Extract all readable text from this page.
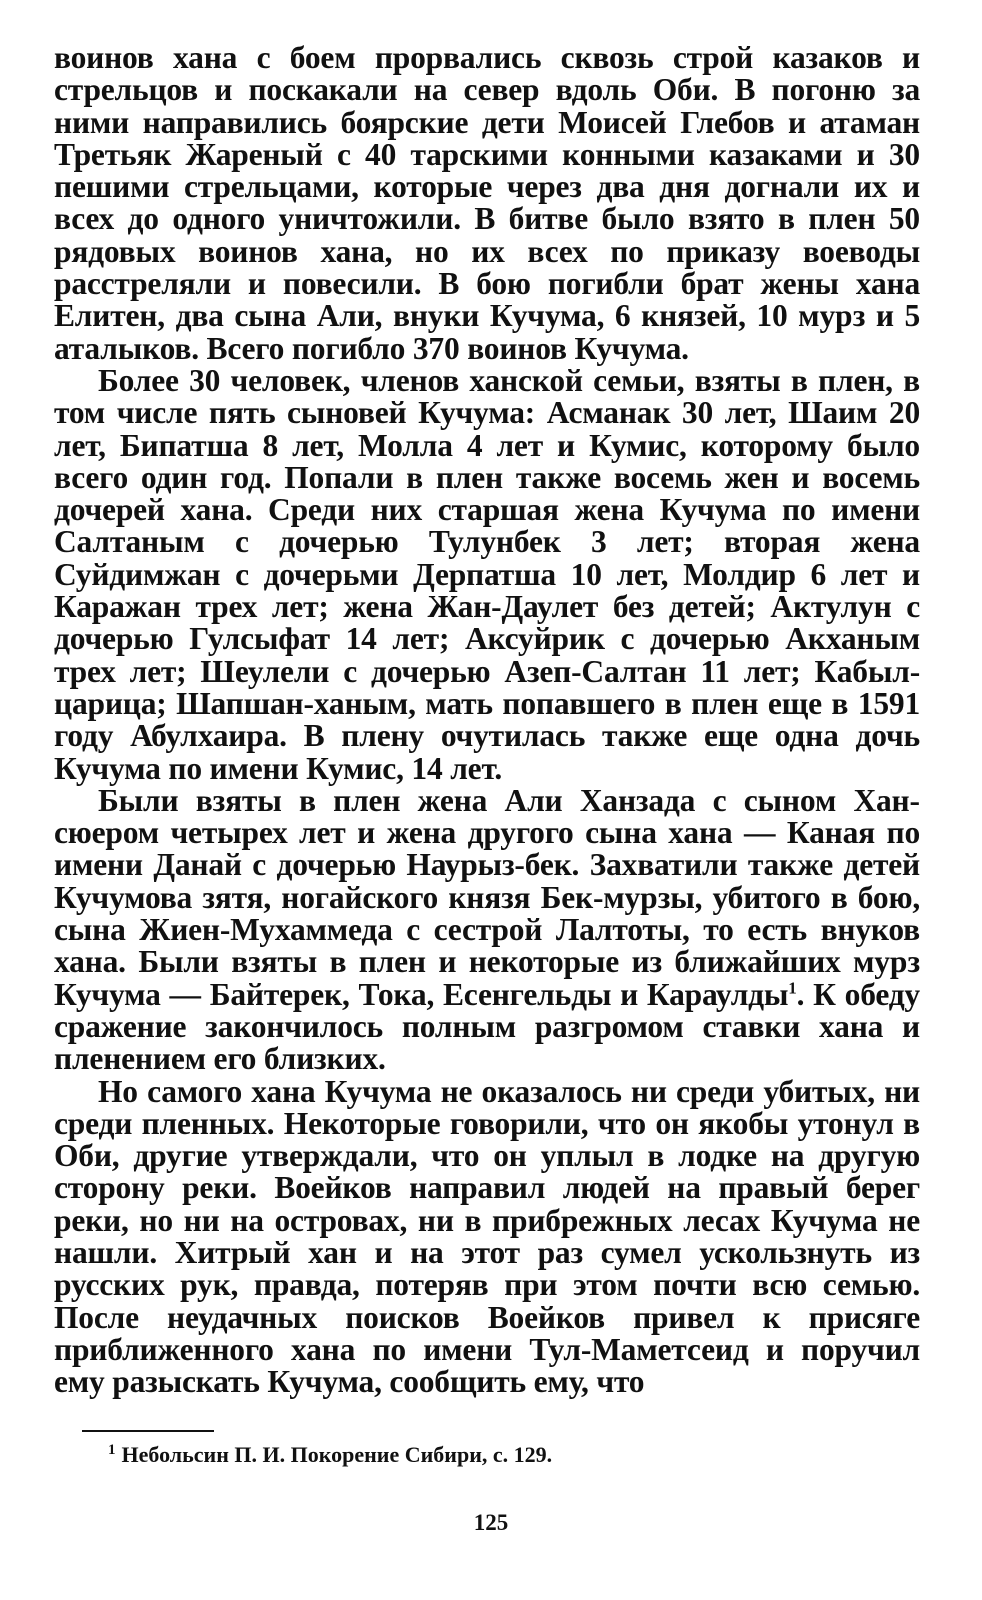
воинов хана с боем прорвались сквозь строй казаков и стрельцов и поскакали на север вдоль Оби. В погоню за ними направились боярские дети Моисей Глебов и атаман Третьяк Жареный с 40 тарскими конными казаками и 30 пешими стрельцами, которые через два дня догнали их и всех до одного уничтожили. В битве было взято в плен 50 рядовых воинов хана, но их всех по приказу воеводы расстреляли и повесили. В бою погибли брат жены хана Елитен, два сына Али, внуки Кучума, 6 князей, 10 мурз и 5 аталыков. Всего погибло 370 воинов Кучума.

Более 30 человек, членов ханской семьи, взяты в плен, в том числе пять сыновей Кучума: Асманак 30 лет, Шаим 20 лет, Бипатша 8 лет, Молла 4 лет и Кумис, которому было всего один год. Попали в плен также восемь жен и восемь дочерей хана. Среди них старшая жена Кучума по имени Салтаным с дочерью Тулунбек 3 лет; вторая жена Суйдимжан с дочерьми Дерпатша 10 лет, Молдир 6 лет и Каражан трех лет; жена Жан-Даулет без детей; Актулун с дочерью Гулсыфат 14 лет; Аксуйрик с дочерью Акханым трех лет; Шеулели с дочерью Азеп-Салтан 11 лет; Кабыл-царица; Шапшан-ханым, мать попавшего в плен еще в 1591 году Абулхаира. В плену очутилась также еще одна дочь Кучума по имени Кумис, 14 лет.

Были взяты в плен жена Али Ханзада с сыном Хансюером четырех лет и жена другого сына хана — Каная по имени Данай с дочерью Наурыз-бек. Захватили также детей Кучумова зятя, ногайского князя Бек-мурзы, убитого в бою, сына Жиен-Мухаммеда с сестрой Лалтоты, то есть внуков хана. Были взяты в плен и некоторые из ближайших мурз Кучума — Байтерек, Тока, Есенгельды и Караулды$^1$. К обеду сражение закончилось полным разгромом ставки хана и пленением его близких.

Но самого хана Кучума не оказалось ни среди убитых, ни среди пленных. Некоторые говорили, что он якобы утонул в Оби, другие утверждали, что он уплыл в лодке на другую сторону реки. Воейков направил людей на правый берег реки, но ни на островах, ни в прибрежных лесах Кучума не нашли. Хитрый хан и на этот раз сумел ускользнуть из русских рук, правда, потеряв при этом почти всю семью. После неудачных поисков Воейков привел к присяге приближенного хана по имени Тул-Маметсеид и поручил ему разыскать Кучума, сообщить ему, что

$^1$ Небольсин П. И. Покорение Сибири, с. 129.
125
